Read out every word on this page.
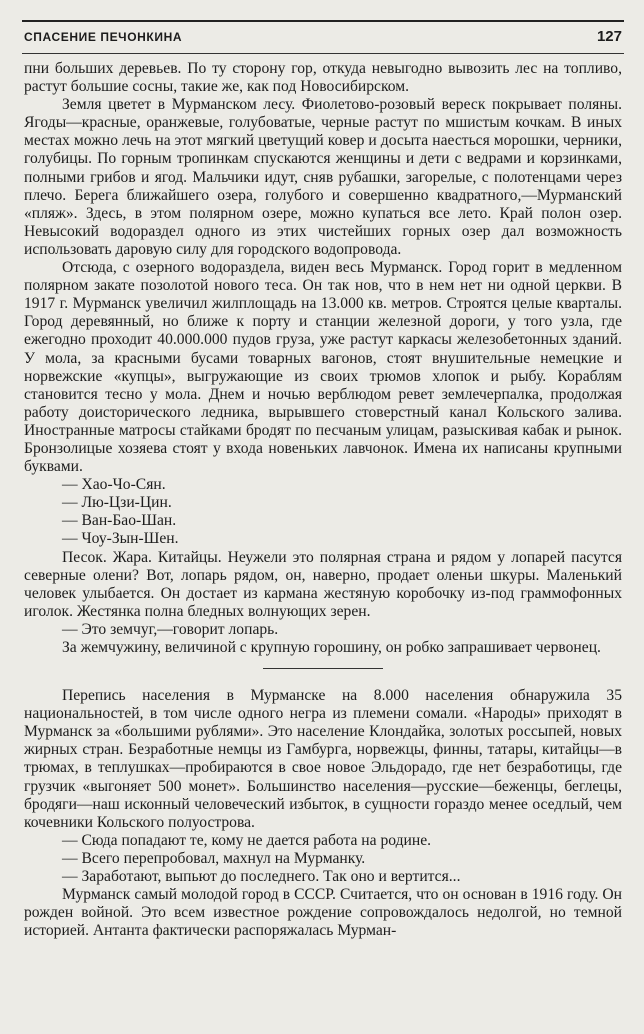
СПАСЕНИЕ ПЕЧОНКИНА	127

пни больших деревьев. По ту сторону гор, откуда невыгодно вывозить лес на топливо, растут большие сосны, такие же, как под Новосибирском.

Земля цветет в Мурманском лесу. Фиолетово-розовый вереск покрывает поляны. Ягоды—красные, оранжевые, голубоватые, черные растут по мшистым кочкам. В иных местах можно лечь на этот мягкий цветущий ковер и досыта наесться морошки, черники, голубицы. По горным тропинкам спускаются женщины и дети с ведрами и корзинками, полными грибов и ягод. Мальчики идут, сняв рубашки, загорелые, с полотенцами через плечо. Берега ближайшего озера, голубого и совершенно квадратного,—Мурманский «пляж». Здесь, в этом полярном озере, можно купаться все лето. Край полон озер. Невысокий водораздел одного из этих чистейших горных озер дал возможность использовать даровую силу для городского водопровода.

Отсюда, с озерного водораздела, виден весь Мурманск. Город горит в медленном полярном закате позолотой нового теса. Он так нов, что в нем нет ни одной церкви. В 1917 г. Мурманск увеличил жилплощадь на 13.000 кв. метров. Строятся целые кварталы. Город деревянный, но ближе к порту и станции железной дороги, у того узла, где ежегодно проходит 40.000.000 пудов груза, уже растут каркасы железобетонных зданий. У мола, за красными бусами товарных вагонов, стоят внушительные немецкие и норвежские «купцы», выгружающие из своих трюмов хлопок и рыбу. Кораблям становится тесно у мола. Днем и ночью верблюдом ревет землечерпалка, продолжая работу доисторического ледника, вырывшего стоверстный канал Кольского залива. Иностранные матросы стайками бродят по песчаным улицам, разыскивая кабак и рынок. Бронзолицые хозяева стоят у входа новеньких лавчонок. Имена их написаны крупными буквами.

— Хао-Чо-Сян.

— Лю-Цзи-Цин.

— Ван-Бао-Шан.

— Чоу-Зын-Шен.

Песок. Жара. Китайцы. Неужели это полярная страна и рядом у лопарей пасутся северные олени? Вот, лопарь рядом, он, наверно, продает оленьи шкуры. Маленький человек улыбается. Он достает из кармана жестяную коробочку из-под граммофонных иголок. Жестянка полна бледных волнующих зерен.

— Это земчуг,—говорит лопарь.

За жемчужину, величиной с крупную горошину, он робко запрашивает червонец.

Перепись населения в Мурманске на 8.000 населения обнаружила 35 национальностей, в том числе одного негра из племени сомали. «Народы» приходят в Мурманск за «большими рублями». Это население Клондайка, золотых россыпей, новых жирных стран. Безработные немцы из Гамбурга, норвежцы, финны, татары, китайцы—в трюмах, в теплушках—пробираются в свое новое Эльдорадо, где нет безработицы, где грузчик «выгоняет 500 монет». Большинство населения—русские—беженцы, беглецы, бродяги—наш исконный человеческий избыток, в сущности гораздо менее оседлый, чем кочевники Кольского полуострова.

— Сюда попадают те, кому не дается работа на родине.

— Всего перепробовал, махнул на Мурманку.

— Заработают, выпьют до последнего. Так оно и вертится...

Мурманск самый молодой город в СССР. Считается, что он основан в 1916 году. Он рожден войной. Это всем известное рождение сопровождалось недолгой, но темной историей. Антанта фактически распоряжалась Мурман-
